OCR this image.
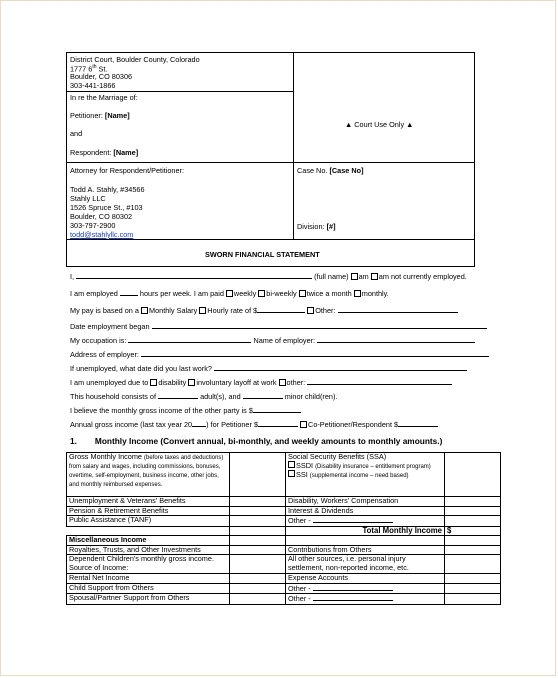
District Court, Boulder County, Colorado
1777 6th St.
Boulder, CO 80306
303-441-1866
In re the Marriage of:
Petitioner: [Name]
and
Respondent: [Name]
▲ Court Use Only ▲
Attorney for Respondent/Petitioner:
Todd A. Stahly, #34566
Stahly LLC
1526 Spruce St., #103
Boulder, CO 80302
303-797-2900
todd@stahlyllc.com
Case No. [Case No]
Division: [#]
SWORN FINANCIAL STATEMENT
I,	(full name) am am not currently employed.
I am employed	hours per week. I am paid weekly bi-weekly twice a month monthly.
My pay is based on a Monthly Salary Hourly rate of $	Other:
Date employment began
My occupation is:	Name of employer:
Address of employer:
If unemployed, what date did you last work?
I am unemployed due to disability involuntary layoff at work other:
This household consists of	adult(s), and	minor child(ren).
I believe the monthly gross income of the other party is $
Annual gross income (last tax year 20 ) for Petitioner $	Co-Petitioner/Respondent $
1. Monthly Income (Convert annual, bi-monthly, and weekly amounts to monthly amounts.)
Gross Monthly Income (before taxes and deductions) from salary and wages, including commissions, bonuses, overtime, self-employment, business income, other jobs, and monthly reimbursed expenses.		Social Security Benefits (SSA)
SSDI (Disability insurance – entitlement program)
SSI (supplemental income – need based)	

Unemployment & Veterans' Benefits		Disability, Workers' Compensation	
Pension & Retirement Benefits		Interest & Dividends	
Public Assistance (TANF)		Other -	
		Total Monthly Income	$
Miscellaneous Income			
Royalties, Trusts, and Other Investments		Contributions from Others	
Dependent Children's monthly gross income. Source of Income:		All other sources, i.e. personal injury settlement, non-reported income, etc.	
Rental Net Income		Expense Accounts	
Child Support from Others		Other -	
Spousal/Partner Support from Others		Other -	
